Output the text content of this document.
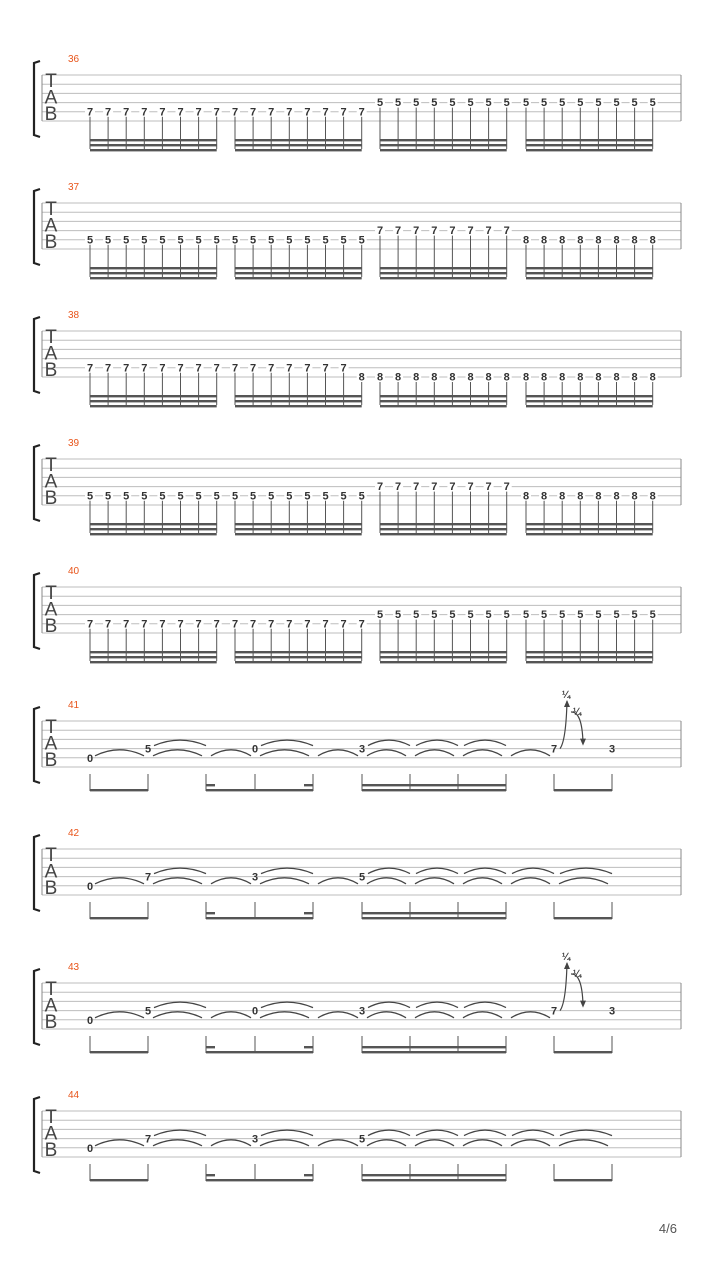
36
T
A
B	7 7 7 7 7 7 7 7 7 7 7 7 7 7 7 7
5 5 5 5 5 5 5 5 5 5 5 5 5 5 5 5
37
T
A
B	5 5 5 5 5 5 5 5 5 5 5 5 5 5 5 5
7 7 7 7 7 7 7 7
8 8 8 8 8 8 8 8
38
T
A
B	7 7 7 7 7 7 7 7 7 7 7 7 7 7 7
8 8 8 8 8 8 8 8 8 8 8 8 8 8 8 8 8
39
T
A
B	5 5 5 5 5 5 5 5 5 5 5 5 5 5 5 5
7 7 7 7 7 7 7 7
8 8 8 8 8 8 8 8
40
T
A
B	7 7 7 7 7 7 7 7 7 7 7 7 7 7 7 7
5 5 5 5 5 5 5 5 5 5 5 5 5 5 5 5
41
T
A
B	0
5	0	3	7	3
¼
¼
42
T
A
B	0
7	3	5
43
T
A
B	0
5	0	3	7	3
¼
¼
44
T
A
B	0
7	3	5
4/6
